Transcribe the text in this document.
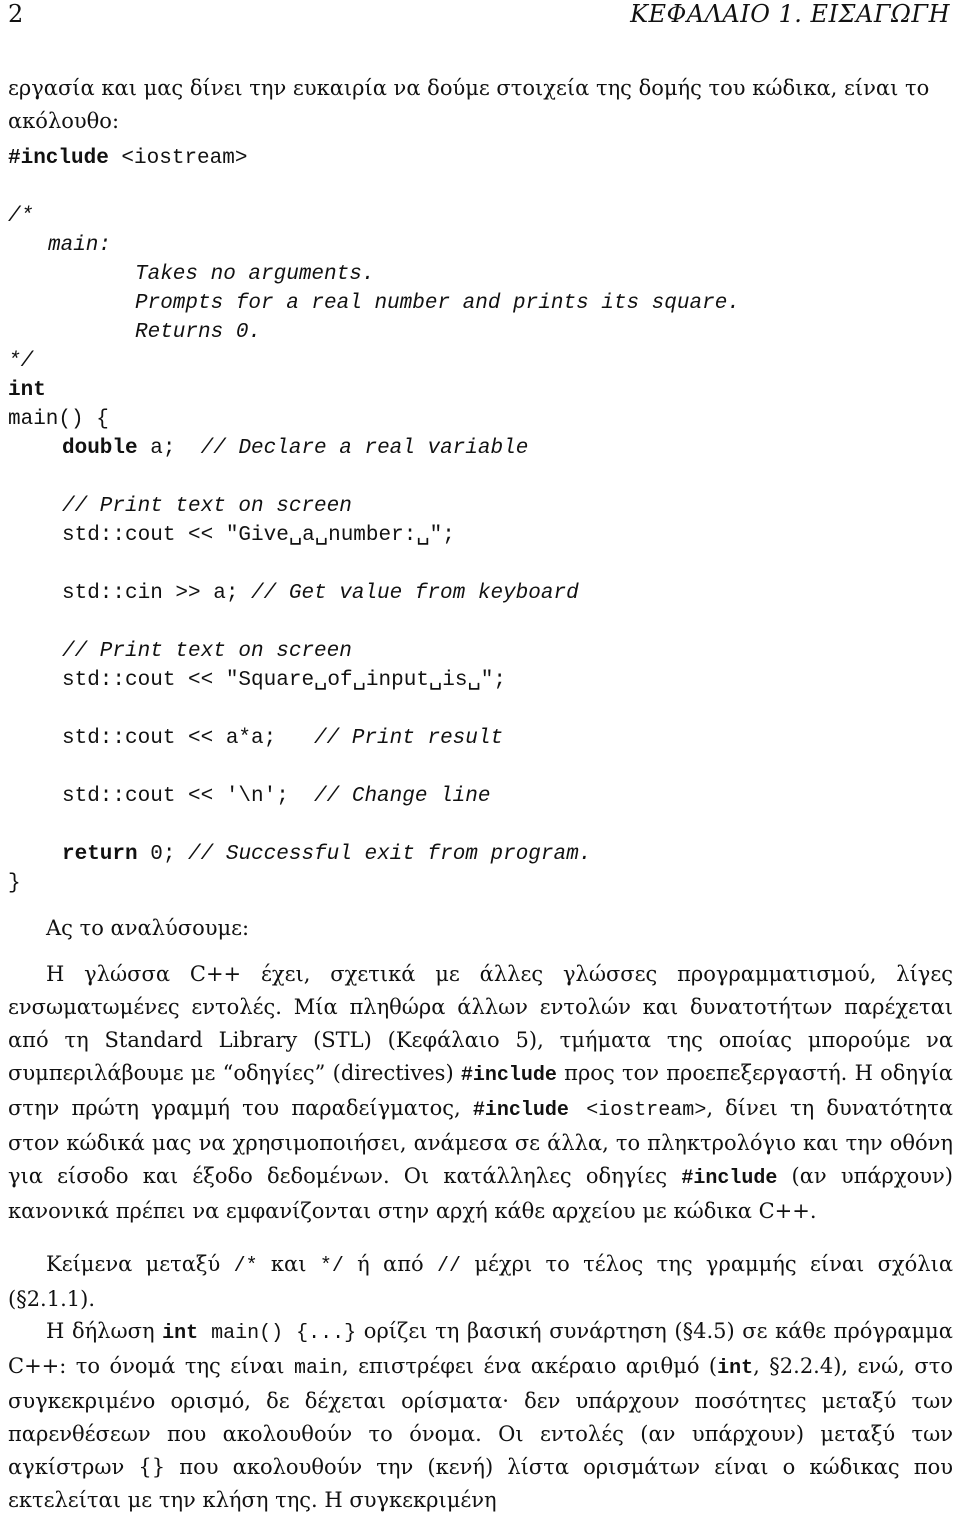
2	ΚΕΦΑΛΑΙΟ 1. ΕΙΣΑΓΩΓΗ
εργασία και μας δίνει την ευκαιρία να δούμε στοιχεία της δομής του κώδικα, είναι το ακόλουθο:
#include <iostream>
/*
main:
Takes no arguments.
Prompts for a real number and prints its square.
Returns 0.
*/
int
main() {
double a;  // Declare a real variable
// Print text on screen
std::cout << "Give␣a␣number:␣";
std::cin >> a; // Get value from keyboard
// Print text on screen
std::cout << "Square␣of␣input␣is␣";
std::cout << a*a;   // Print result
std::cout << '\n';  // Change line
return 0; // Successful exit from program.
}
Ας το αναλύσουμε:
Η γλώσσα C++ έχει, σχετικά με άλλες γλώσσες προγραμματισμού, λίγες ενσωματωμένες εντολές. Μία πληθώρα άλλων εντολών και δυνατοτήτων παρέχεται από τη Standard Library (STL) (Κεφάλαιο 5), τμήματα της οποίας μπορούμε να συμπεριλάβουμε με “οδηγίες” (directives) #include προς τον προεπεξεργαστή. Η οδηγία στην πρώτη γραμμή του παραδείγματος, #include <iostream>, δίνει τη δυνατότητα στον κώδικά μας να χρησιμοποιήσει, ανάμεσα σε άλλα, το πληκτρολόγιο και την οθόνη για είσοδο και έξοδο δεδομένων. Οι κατάλληλες οδηγίες #include (αν υπάρχουν) κανονικά πρέπει να εμφανίζονται στην αρχή κάθε αρχείου με κώδικα C++.
Κείμενα μεταξύ /* και */ ή από // μέχρι το τέλος της γραμμής είναι σχόλια (§2.1.1).
Η δήλωση int main() {...} ορίζει τη βασική συνάρτηση (§4.5) σε κάθε πρόγραμμα C++: το όνομά της είναι main, επιστρέφει ένα ακέραιο αριθμό (int, §2.2.4), ενώ, στο συγκεκριμένο ορισμό, δε δέχεται ορίσματα· δεν υπάρχουν ποσότητες μεταξύ των παρενθέσεων που ακολουθούν το όνομα. Οι εντολές (αν υπάρχουν) μεταξύ των αγκίστρων {} που ακολουθούν την (κενή) λίστα ορισμάτων είναι ο κώδικας που εκτελείται με την κλήση της. Η συγκεκριμένη
